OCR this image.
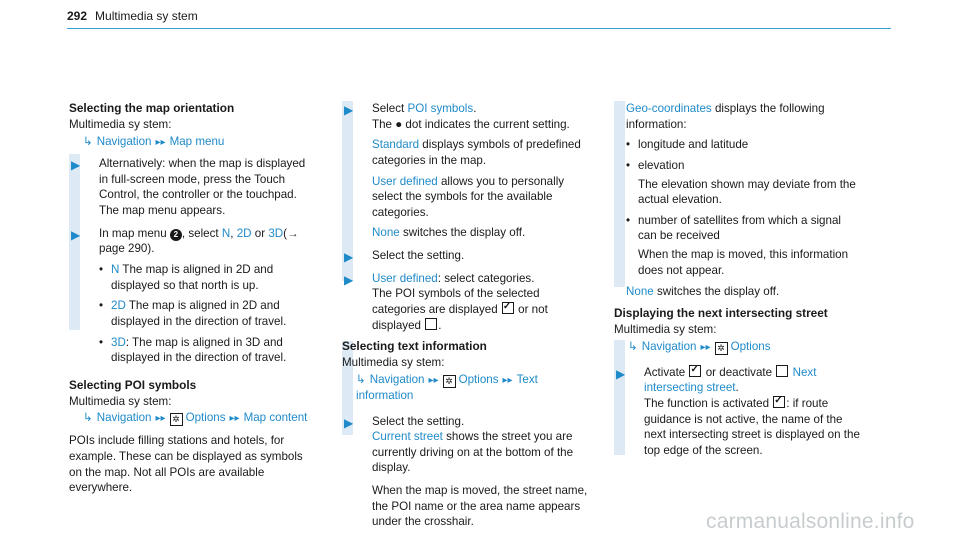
292 Multimedia sy stem
Selecting the map orientation

Multimedia sy stem:

↳ Navigation ▸▸ Map menu

▶ Alternatively: when the map is displayed in full-screen mode, press the Touch Control, the controller or the touchpad. The map menu appears.
▶ In map menu 2 , select N, 2D or 3D(→ page 290).
• N The map is aligned in 2D and displayed so that north is up.
• 2D The map is aligned in 2D and displayed in the direction of travel.
• 3D: The map is aligned in 3D and displayed in the direction of travel.
Selecting POI symbols

Multimedia sy stem:

↳ Navigation ▸▸ ✲ Options ▸▸ Map content

POIs include filling stations and hotels, for example. These can be displayed as symbols on the map. Not all POIs are available everywhere.

▶ Select POI symbols.

The ● dot indicates the current setting.

Standard displays symbols of predefined categories in the map.

User defined allows you to personally select the symbols for the available categories.

None switches the display off.

▶ Select the setting.
▶ User defined: select categories.

The POI symbols of the selected categories are displayed ✓ or not displayed .

Selecting text information

Multimedia sy stem:

↳ Navigation ▸▸ ✲ Options ▸▸ Text information

▶ Select the setting.

Current street shows the street you are currently driving on at the bottom of the display.

When the map is moved, the street name, the POI name or the area name appears under the crosshair.

Geo-coordinates displays the following information:

• longitude and latitude
• elevation

The elevation shown may deviate from the actual elevation.

• number of satellites from which a signal can be received

When the map is moved, this information does not appear.

None switches the display off.

Displaying the next intersecting street

Multimedia sy stem:

↳ Navigation ▸▸ ✲ Options

▶ Activate ✓ or deactivate Next intersecting street.

The function is activated ✓ : if route guidance is not active, the name of the next intersecting street is displayed on the top edge of the screen.

carmanualsonline.info
